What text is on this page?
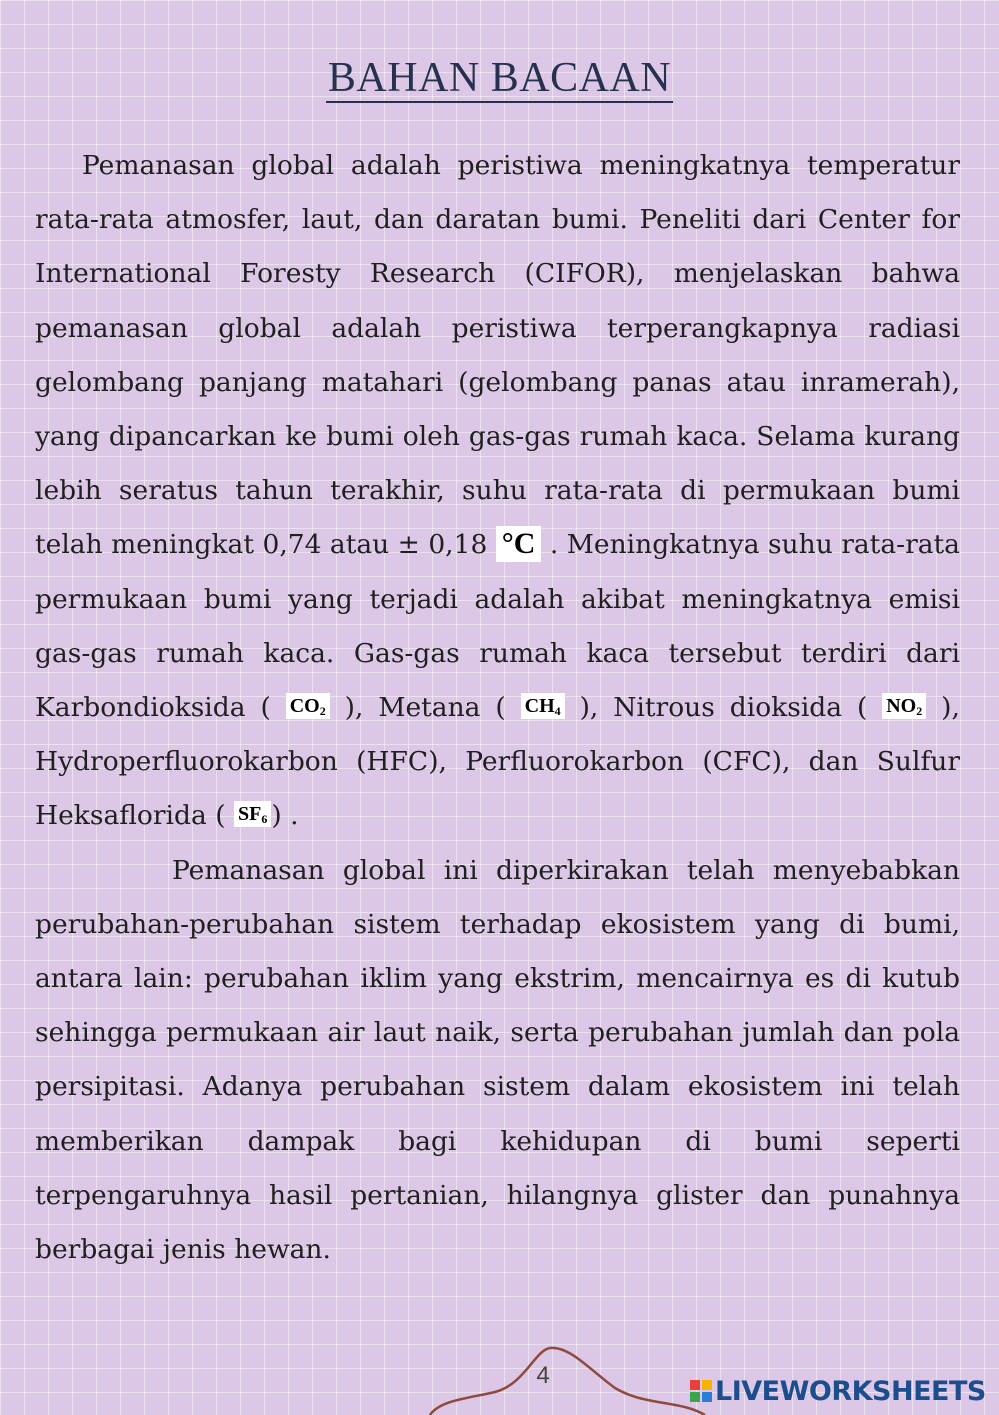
BAHAN BACAAN

Pemanasan global adalah peristiwa meningkatnya temperatur rata-rata atmosfer, laut, dan daratan bumi. Peneliti dari Center for International Foresty Research (CIFOR), menjelaskan bahwa pemanasan global adalah peristiwa terperangkapnya radiasi gelombang panjang matahari (gelombang panas atau inramerah), yang dipancarkan ke bumi oleh gas-gas rumah kaca. Selama kurang lebih seratus tahun terakhir, suhu rata-rata di permukaan bumi telah meningkat 0,74 atau ± 0,18 °C . Meningkatnya suhu rata-rata permukaan bumi yang terjadi adalah akibat meningkatnya emisi gas-gas rumah kaca. Gas-gas rumah kaca tersebut terdiri dari Karbondioksida ( $CO_2$ ), Metana ( $CH_4$ ), Nitrous dioksida ( $NO_2$ ), Hydroperfluorokarbon (HFC), Perfluorokarbon (CFC), dan Sulfur Heksaflorida ( $SF_6$ ) .

Pemanasan global ini diperkirakan telah menyebabkan perubahan-perubahan sistem terhadap ekosistem yang di bumi, antara lain: perubahan iklim yang ekstrim, mencairnya es di kutub sehingga permukaan air laut naik, serta perubahan jumlah dan pola persipitasi. Adanya perubahan sistem dalam ekosistem ini telah memberikan dampak bagi kehidupan di bumi seperti terpengaruhnya hasil pertanian, hilangnya glister dan punahnya berbagai jenis hewan.

4	LIVEWORKSHEETS
